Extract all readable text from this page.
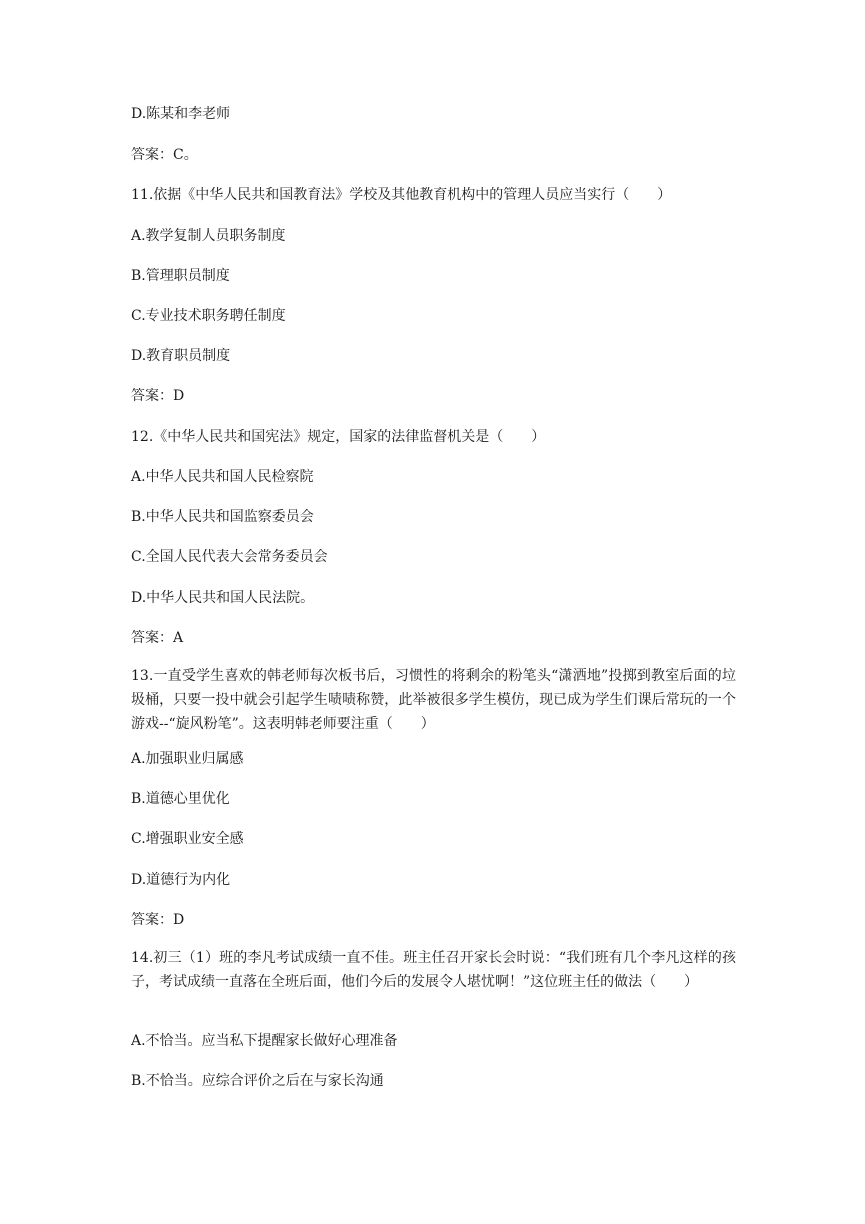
D.陈某和李老师
答案：C。
11.依据《中华人民共和国教育法》学校及其他教育机构中的管理人员应当实行（　　）
A.教学复制人员职务制度
B.管理职员制度
C.专业技术职务聘任制度
D.教育职员制度
答案：D
12.《中华人民共和国宪法》规定，国家的法律监督机关是（　　）
A.中华人民共和国人民检察院
B.中华人民共和国监察委员会
C.全国人民代表大会常务委员会
D.中华人民共和国人民法院。
答案：A
13.一直受学生喜欢的韩老师每次板书后，习惯性的将剩余的粉笔头“潇洒地”投掷到教室后面的垃圾桶，只要一投中就会引起学生啧啧称赞，此举被很多学生模仿，现已成为学生们课后常玩的一个游戏--“旋风粉笔”。这表明韩老师要注重（　　）
A.加强职业归属感
B.道德心里优化
C.增强职业安全感
D.道德行为内化
答案：D
14.初三（1）班的李凡考试成绩一直不佳。班主任召开家长会时说：“我们班有几个李凡这样的孩子，考试成绩一直落在全班后面，他们今后的发展令人堪忧啊！”这位班主任的做法（　　）
A.不恰当。应当私下提醒家长做好心理准备
B.不恰当。应综合评价之后在与家长沟通
